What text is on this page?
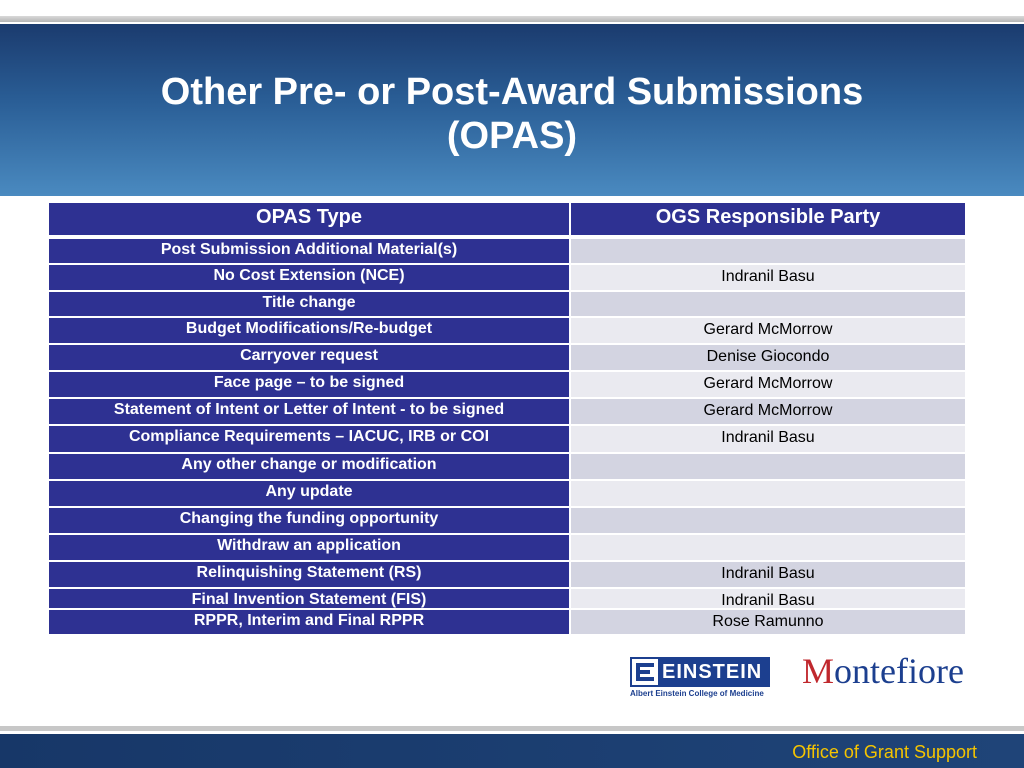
Other Pre- or Post-Award Submissions
(OPAS)
OPAS Type	OGS Responsible Party
Post Submission Additional Material(s)
No Cost Extension (NCE)	Indranil Basu
Title change
Budget Modifications/Re-budget	Gerard McMorrow
Carryover request	Denise Giocondo
Face page – to be signed	Gerard McMorrow
Statement of Intent or Letter of Intent - to be signed	Gerard McMorrow
Compliance Requirements – IACUC, IRB or COI	Indranil Basu
Any other change or modification
Any update
Changing the funding opportunity
Withdraw an application
Relinquishing Statement (RS)	Indranil Basu
Final Invention Statement (FIS)	Indranil Basu
RPPR, Interim and Final RPPR	Rose Ramunno
EINSTEIN
Albert Einstein College of Medicine
Montefiore
Office of Grant Support
